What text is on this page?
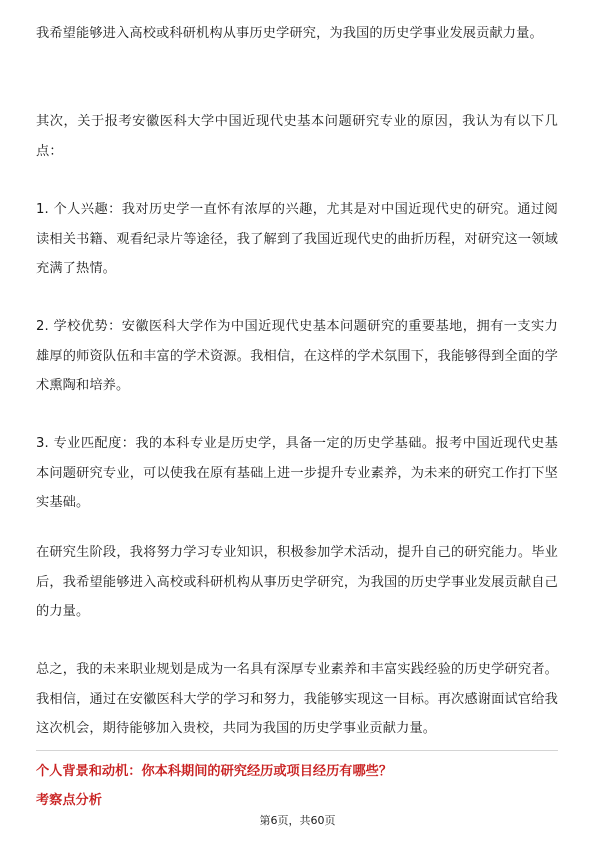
我希望能够进入高校或科研机构从事历史学研究，为我国的历史学事业发展贡献力量。

其次，关于报考安徽医科大学中国近现代史基本问题研究专业的原因，我认为有以下几点：

1. 个人兴趣：我对历史学一直怀有浓厚的兴趣，尤其是对中国近现代史的研究。通过阅读相关书籍、观看纪录片等途径，我了解到了我国近现代史的曲折历程，对研究这一领域充满了热情。

2. 学校优势：安徽医科大学作为中国近现代史基本问题研究的重要基地，拥有一支实力雄厚的师资队伍和丰富的学术资源。我相信，在这样的学术氛围下，我能够得到全面的学术熏陶和培养。

3. 专业匹配度：我的本科专业是历史学，具备一定的历史学基础。报考中国近现代史基本问题研究专业，可以使我在原有基础上进一步提升专业素养，为未来的研究工作打下坚实基础。

在研究生阶段，我将努力学习专业知识，积极参加学术活动，提升自己的研究能力。毕业后，我希望能够进入高校或科研机构从事历史学研究，为我国的历史学事业发展贡献自己的力量。

总之，我的未来职业规划是成为一名具有深厚专业素养和丰富实践经验的历史学研究者。我相信，通过在安徽医科大学的学习和努力，我能够实现这一目标。再次感谢面试官给我这次机会，期待能够加入贵校，共同为我国的历史学事业贡献力量。

个人背景和动机：你本科期间的研究经历或项目经历有哪些？

考察点分析

第6页，共60页
